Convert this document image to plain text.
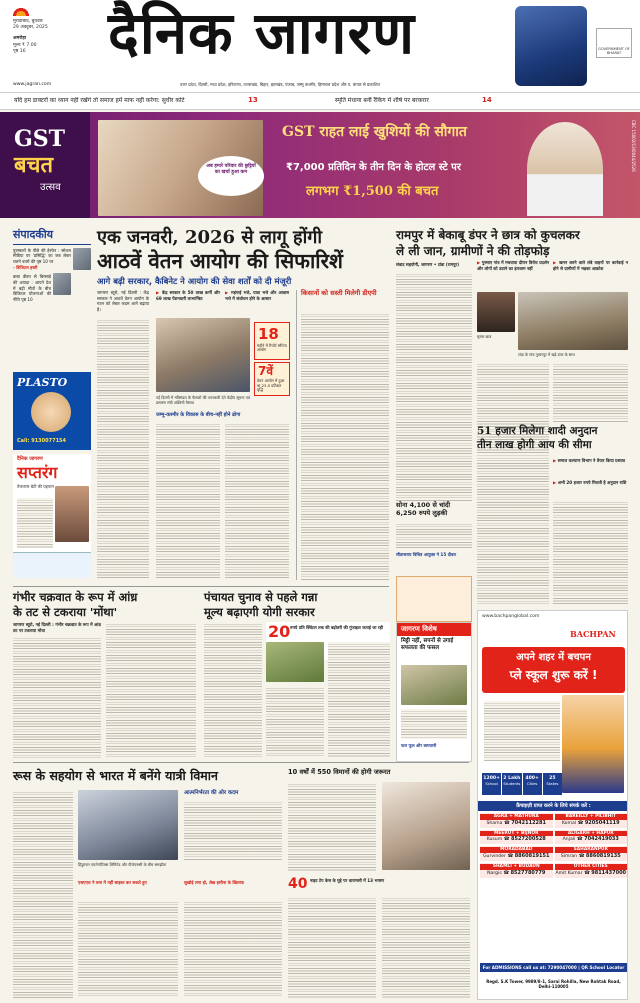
मुरादाबाद, बुधवार
29 अक्टूबर, 2025
अमरोहा
मूल्य ₹ 7.00
पृष्ठ 16	दैनिक जागरण	GOVERNMENT OF BHARAT
www.jagran.com	उत्तर प्रदेश, दिल्ली, मध्य प्रदेश, हरियाणा, उत्तराखंड, बिहार, झारखंड, पंजाब, जम्मू कश्मीर, हिमाचल प्रदेश और प. बंगाल से प्रकाशित
यदि हम डाक्टरों का ध्यान नहीं रखेंगे तो समाज हमें माफ नहीं करेगा: सुधीर कोटे	13	स्मृति मंधाना बनीं रैंकिंग में शीर्ष पर बरकरार	14
GST
बचत
उत्सव
अब हमारे परिवार की छुट्टियों का खर्चा हुआ कम
GST राहत लाई खुशियों की सौगात
₹7,000 प्रतिदिन के तीन दिन के होटल स्टे पर
लगभग ₹1,500 की बचत
CBC 15002/13/0044/2526
संपादकीय
पुरस्कारों के पीछे की हेरफेर : सोशल मीडिया पर 'प्रसिद्धि' का जब लेकर चलने वालों की पृष्ठ 10 पर
- डिजिटल हस्ती
बाबा डीडन से बिरसाड़े की आपदा : आपने देश में बढ़ी मौतों के बीच डिजिटल योजनाओं की नीति पृष्ठ 10
PLASTO
Call: 9130077154
दैनिक जागरण
सप्तरंग
तेजतरार बेटी की पहचान
एक जनवरी, 2026 से लागू होंगी
आठवें वेतन आयोग की सिफारिशें
आगे बढ़ी सरकार, कैबिनेट ने आयोग की सेवा शर्तों को दी मंजूरी
जागरण ब्यूरो, नई दिल्ली : केंद्र सरकार ने आठवें वेतन आयोग के गठन को लेकर कदम आगे बढ़ाया है।
▶ केंद्र सरकार के 50 लाख कर्मी और 69 लाख पेंशनधारी लाभान्वित
▶ महंगाई भत्ते, यात्रा भत्ते और आवास भत्ते में संशोधन होने के आसार
18
महीने में रिपोर्ट सौंपेगा आयोग
7वें
वेतन आयोग में हुआ था 23.5 प्रतिशत वृद्धि
नई दिल्ली में मंत्रिमंडल के फैसलों की जानकारी देते केंद्रीय सूचना एवं प्रसारण मंत्री अश्विनी वैष्णव
जम्मू-कश्मीर के विकास के बीच-नहीं होने ढोगा
किसानों को सस्ती मिलेगी डीएपी
रामपुर में बेकाबू डंपर ने छात्र को कुचलकर
ले ली जान, ग्रामीणों ने की तोड़फोड़
संवाद सहयोगी, जागरण • टांडा (रामपुर)	▶ गुस्साए गांव में मचवाया दौरान विरोध प्रदर्शन और लोगों को उठाने का इंतजाम नहीं
▶ खनन करने वाले लंबे वाहनों पर कार्रवाई न होने से ग्रामीणों में भड़का आक्रोश
मृतक छात्र
टांडा के गांव गुलारपुर में खड़े डंपर के साथ
सोना 4,100 से चांदी 6,250 रुपये लुढ़की
सीतासराय विचित्र आयुक्त ने 15 दीवार
51 हजार मिलेगा शादी अनुदान
तीन लाख होगी आय की सीमा
▶ समाज कल्याण विभाग ने तैयार किया प्रस्ताव
▶ अभी 20 हजार रुपये मिलती है अनुदान राशि
गंभीर चक्रवात के रूप में आंध्र
के तट से टकराया 'मोंथा'
जागरण ब्यूरो, नई दिल्ली : गंभीर चक्रवात के रूप में आंध्र तट पर टकराया मोंथा
पंचायत चुनाव से पहले गन्ना
मूल्य बढ़ाएगी योगी सरकार
20 रुपये प्रति क्विंटल तक की बढ़ोतरी की गुंजाइश जताई जा रही	जागरण विशेष
मिट्टी नहीं, सपनों से उगाई सफलता की फसल
फल फूल और बागवानी
www.bachpanglobal.com
BACHPAN
अपने शहर में बचपन
प्ले स्कूल शुरू करें !
1200+
School
2 Lakh
Students
400+
Cities
25
States
फ्रैंचाइज़ी प्राप्त करने के लिये संपर्क करें :
AGRA + MATHURA
Shama ☎ 7042112281
BAREILLY + PILIBHIT
Komal ☎ 9205041119
MEERUT + BIJNOR
Kusum ☎ 8527200528
ALIGARH + HAPUR
Anjali ☎ 7042419033
MORADABAD
Gurvinder ☎ 8860819151
SAHARANPUR
Simran ☎ 8860819135
SHAMLI + BUDAUN
Nargis ☎ 8527780779
OTHER CITIES
Amit Kumar ☎ 9811437000
For ADMISSIONS call us at: 7290047000 | QR School Locator
Regd. S.K Tower, 9989/8-1, Sarai Rohilla, New Rohtak Road, Delhi-110005
रूस के सहयोग से भारत में बनेंगे यात्री विमान
हिंदुस्तान एयरोनॉटिक्स लिमिटेड और पीजेएससी के बीच समझौता
आत्मनिर्भरता की ओर कदम
एसएएल ने रूस में नहीं साइबर कर सकते हुए	सुखोई लगा हो, शेख हसीना के खिलाफ
10 वर्षों में 550 विमानों की होगी जरूरत
40 नाइट टेप केस के मुद्दे पर वाराणसी में 13 भाषण
